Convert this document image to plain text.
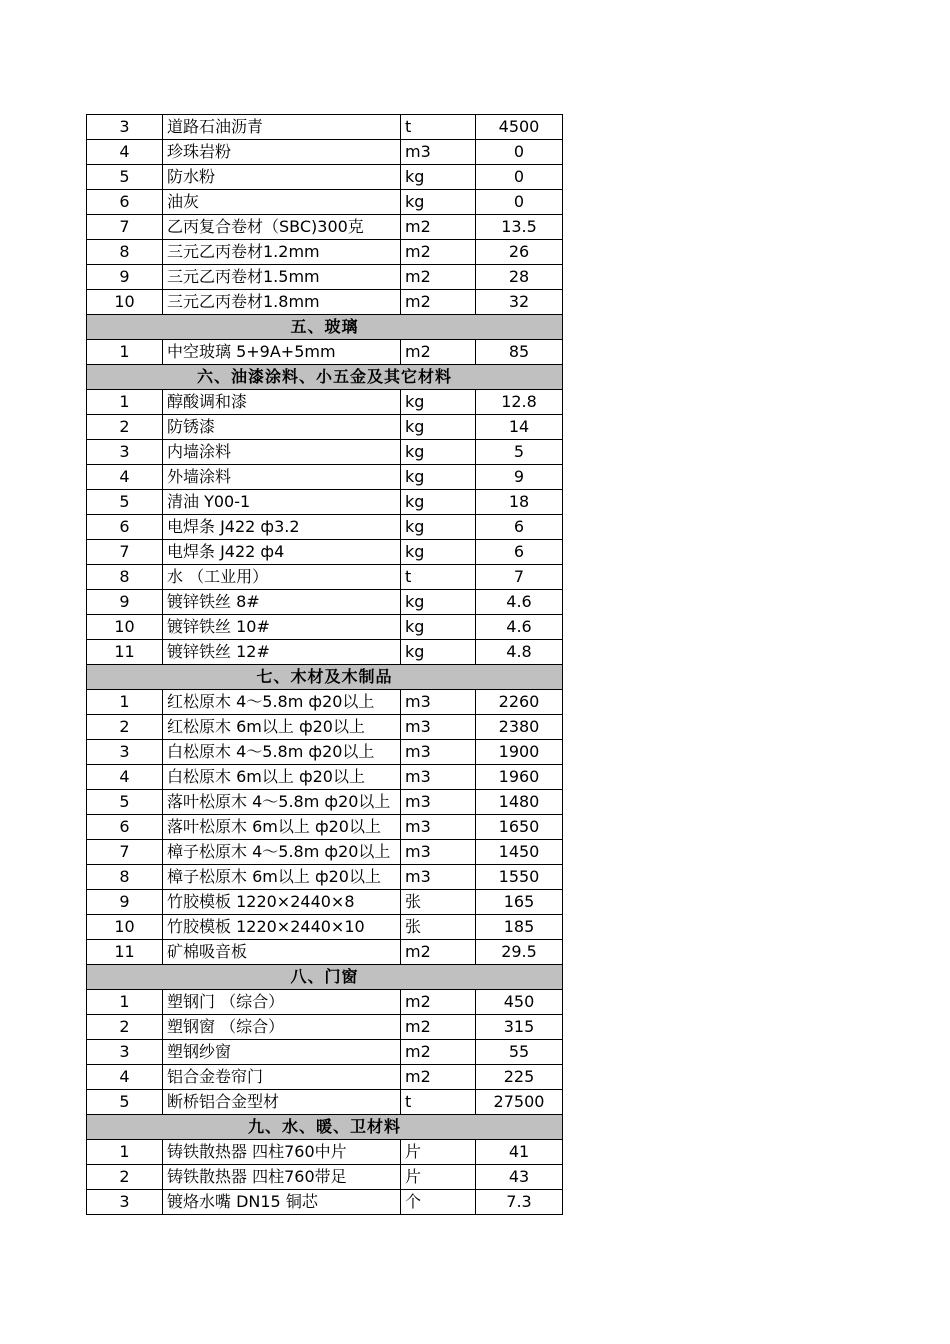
3	道路石油沥青	t	4500
4	珍珠岩粉	m3	0
5	防水粉	kg	0
6	油灰	kg	0
7	乙丙复合卷材（SBC)300克	m2	13.5
8	三元乙丙卷材1.2mm	m2	26
9	三元乙丙卷材1.5mm	m2	28
10	三元乙丙卷材1.8mm	m2	32
五、玻璃			
1	中空玻璃 5+9A+5mm	m2	85
六、油漆涂料、小五金及其它材料			
1	醇酸调和漆	kg	12.8
2	防锈漆	kg	14
3	内墙涂料	kg	5
4	外墙涂料	kg	9
5	清油 Y00-1	kg	18
6	电焊条 J422 ф3.2	kg	6
7	电焊条 J422 ф4	kg	6
8	水 （工业用）	t	7
9	镀锌铁丝 8#	kg	4.6
10	镀锌铁丝 10#	kg	4.6
11	镀锌铁丝 12#	kg	4.8
七、木材及木制品			
1	红松原木 4～5.8m ф20以上	m3	2260
2	红松原木 6m以上 ф20以上	m3	2380
3	白松原木 4～5.8m ф20以上	m3	1900
4	白松原木 6m以上 ф20以上	m3	1960
5	落叶松原木 4～5.8m ф20以上	m3	1480
6	落叶松原木 6m以上 ф20以上	m3	1650
7	樟子松原木 4～5.8m ф20以上	m3	1450
8	樟子松原木 6m以上 ф20以上	m3	1550
9	竹胶模板 1220×2440×8	张	165
10	竹胶模板 1220×2440×10	张	185
11	矿棉吸音板	m2	29.5
八、门窗			
1	塑钢门 （综合）	m2	450
2	塑钢窗 （综合）	m2	315
3	塑钢纱窗	m2	55
4	铝合金卷帘门	m2	225
5	断桥铝合金型材	t	27500
九、水、暖、卫材料			
1	铸铁散热器 四柱760中片	片	41
2	铸铁散热器 四柱760带足	片	43
3	镀烙水嘴 DN15 铜芯	个	7.3
